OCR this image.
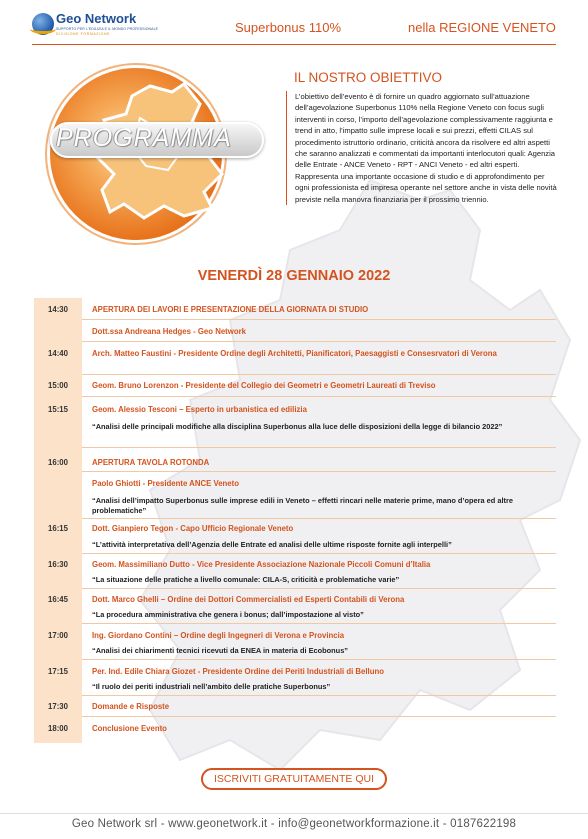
Geo Network
SUPPORTO PER L'EDILIZIA E IL MONDO PROFESSIONALE
DIVISIONE FORMAZIONE	Superbonus 110%	nella REGIONE VENETO
PROGRAMMA
IL NOSTRO OBIETTIVO
L’obiettivo dell’evento è di fornire un quadro aggiornato sull’attuazione dell’agevolazione Superbonus 110% nella Regione Veneto con focus sugli interventi in corso, l’importo dell’agevolazione complessivamente raggiunta e trend in atto, l’impatto sulle imprese locali e sui prezzi, effetti CILAS sul procedimento istruttorio ordinario, criticità ancora da risolvere ed altri aspetti che saranno analizzati e commentati da importanti interlocutori quali: Agenzia delle Entrate - ANCE Veneto - RPT - ANCI Veneto - ed altri esperti.
Rappresenta una importante occasione di studio e di approfondimento per ogni professionista ed impresa operante nel settore anche in vista delle novità previste nella manovra finanziaria per il prossimo triennio.
VENERDÌ 28 GENNAIO 2022
14:30	APERTURA DEI LAVORI E PRESENTAZIONE DELLA GIORNATA DI STUDIO
Dott.ssa Andreana Hedges - Geo Network
14:40	Arch. Matteo Faustini - Presidente Ordine degli Architetti, Pianificatori, Paesaggisti e Consesrvatori di Verona
15:00	Geom. Bruno Lorenzon - Presidente del Collegio dei Geometri e Geometri Laureati di Treviso
15:15	Geom. Alessio Tesconi – Esperto in urbanistica ed edilizia
“Analisi delle principali modifiche alla disciplina Superbonus alla luce delle disposizioni della legge di bilancio 2022”
16:00	APERTURA TAVOLA ROTONDA
Paolo Ghiotti - Presidente ANCE Veneto
“Analisi dell’impatto Superbonus sulle imprese edili in Veneto – effetti rincari nelle materie prime, mano d’opera ed altre problematiche”
16:15	Dott. Gianpiero Tegon - Capo Ufficio Regionale Veneto
“L’attività interpretativa dell’Agenzia delle Entrate ed analisi delle ultime risposte fornite agli interpelli”
16:30	Geom. Massimiliano Dutto - Vice Presidente Associazione Nazionale Piccoli Comuni d’Italia
“La situazione delle pratiche a livello comunale: CILA-S, criticità e problematiche varie”
16:45	Dott. Marco Ghelli – Ordine dei Dottori Commercialisti ed Esperti Contabili di Verona
“La procedura amministrativa che genera i bonus; dall’impostazione al visto”
17:00	Ing. Giordano Contini – Ordine degli Ingegneri di Verona e Provincia
“Analisi dei chiarimenti tecnici ricevuti da ENEA in materia di Ecobonus”
17:15	Per. Ind. Edile Chiara Giozet - Presidente Ordine dei Periti Industriali di Belluno
“Il ruolo dei periti industriali nell’ambito delle pratiche Superbonus”
17:30	Domande e Risposte
18:00	Conclusione Evento
ISCRIVITI GRATUITAMENTE QUI
Geo Network srl - www.geonetwork.it - info@geonetworkformazione.it - 0187622198
